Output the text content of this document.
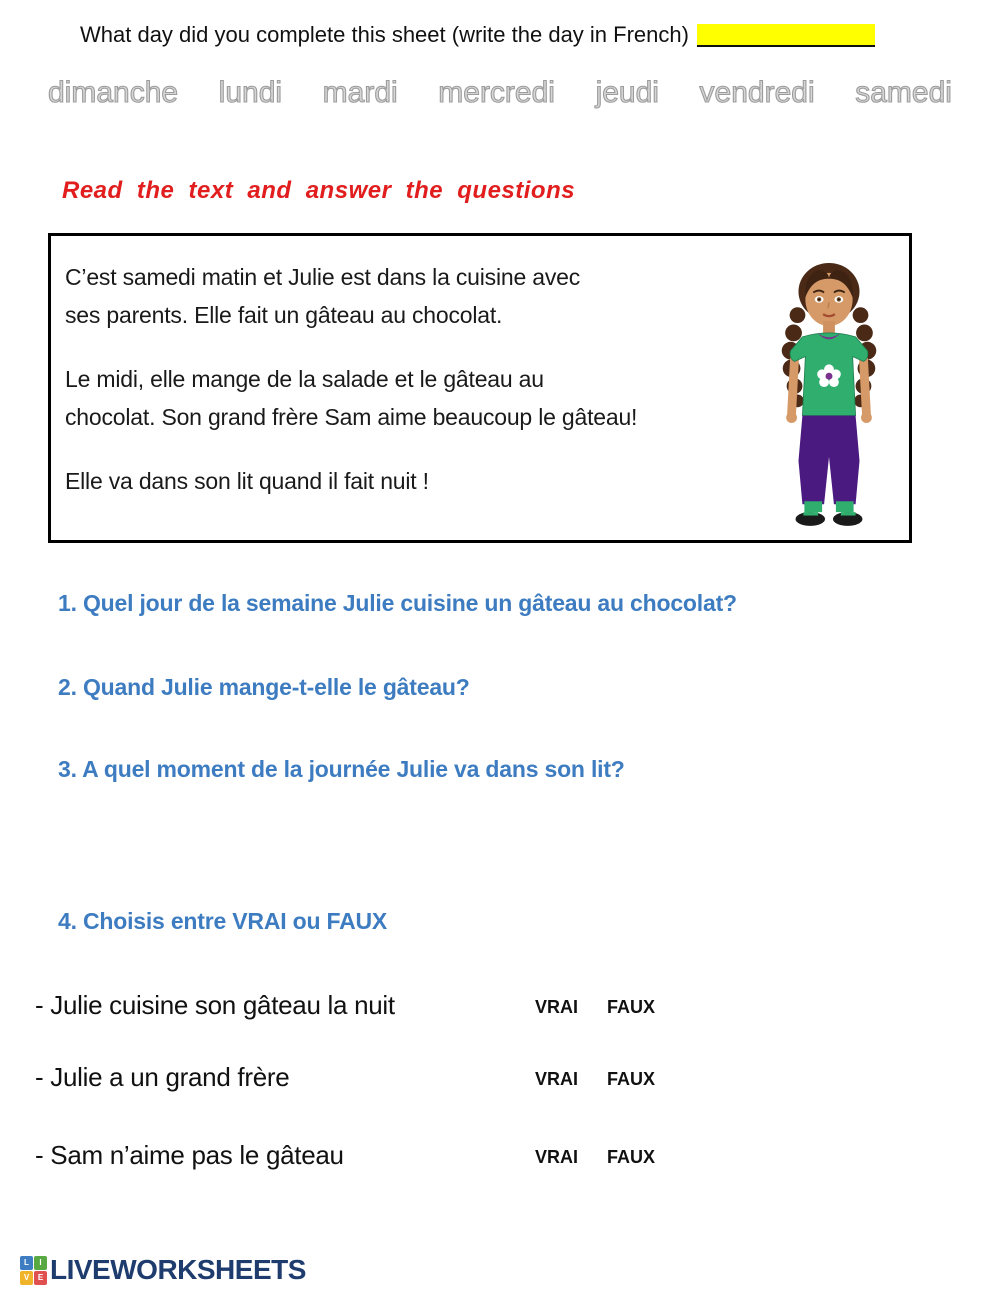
What day did you complete this sheet (write the day in French)
dimanche lundi mardi mercredi jeudi vendredi samedi
Read the text and answer the questions

C’est samedi matin et Julie est dans la cuisine avec
ses parents. Elle fait un gâteau au chocolat.

Le midi, elle mange de la salade et le gâteau au
chocolat. Son grand frère Sam aime beaucoup le gâteau!

Elle va dans son lit quand il fait nuit !

1. Quel jour de la semaine Julie cuisine un gâteau au chocolat?
2. Quand Julie mange-t-elle le gâteau?
3. A quel moment de la journée Julie va dans son lit?
4. Choisis entre VRAI ou FAUX
- Julie cuisine son gâteau la nuit	VRAI FAUX
- Julie a un grand frère	VRAI FAUX
- Sam n’aime pas le gâteau	VRAI FAUX
L	I
V	E LIVEWORKSHEETS
